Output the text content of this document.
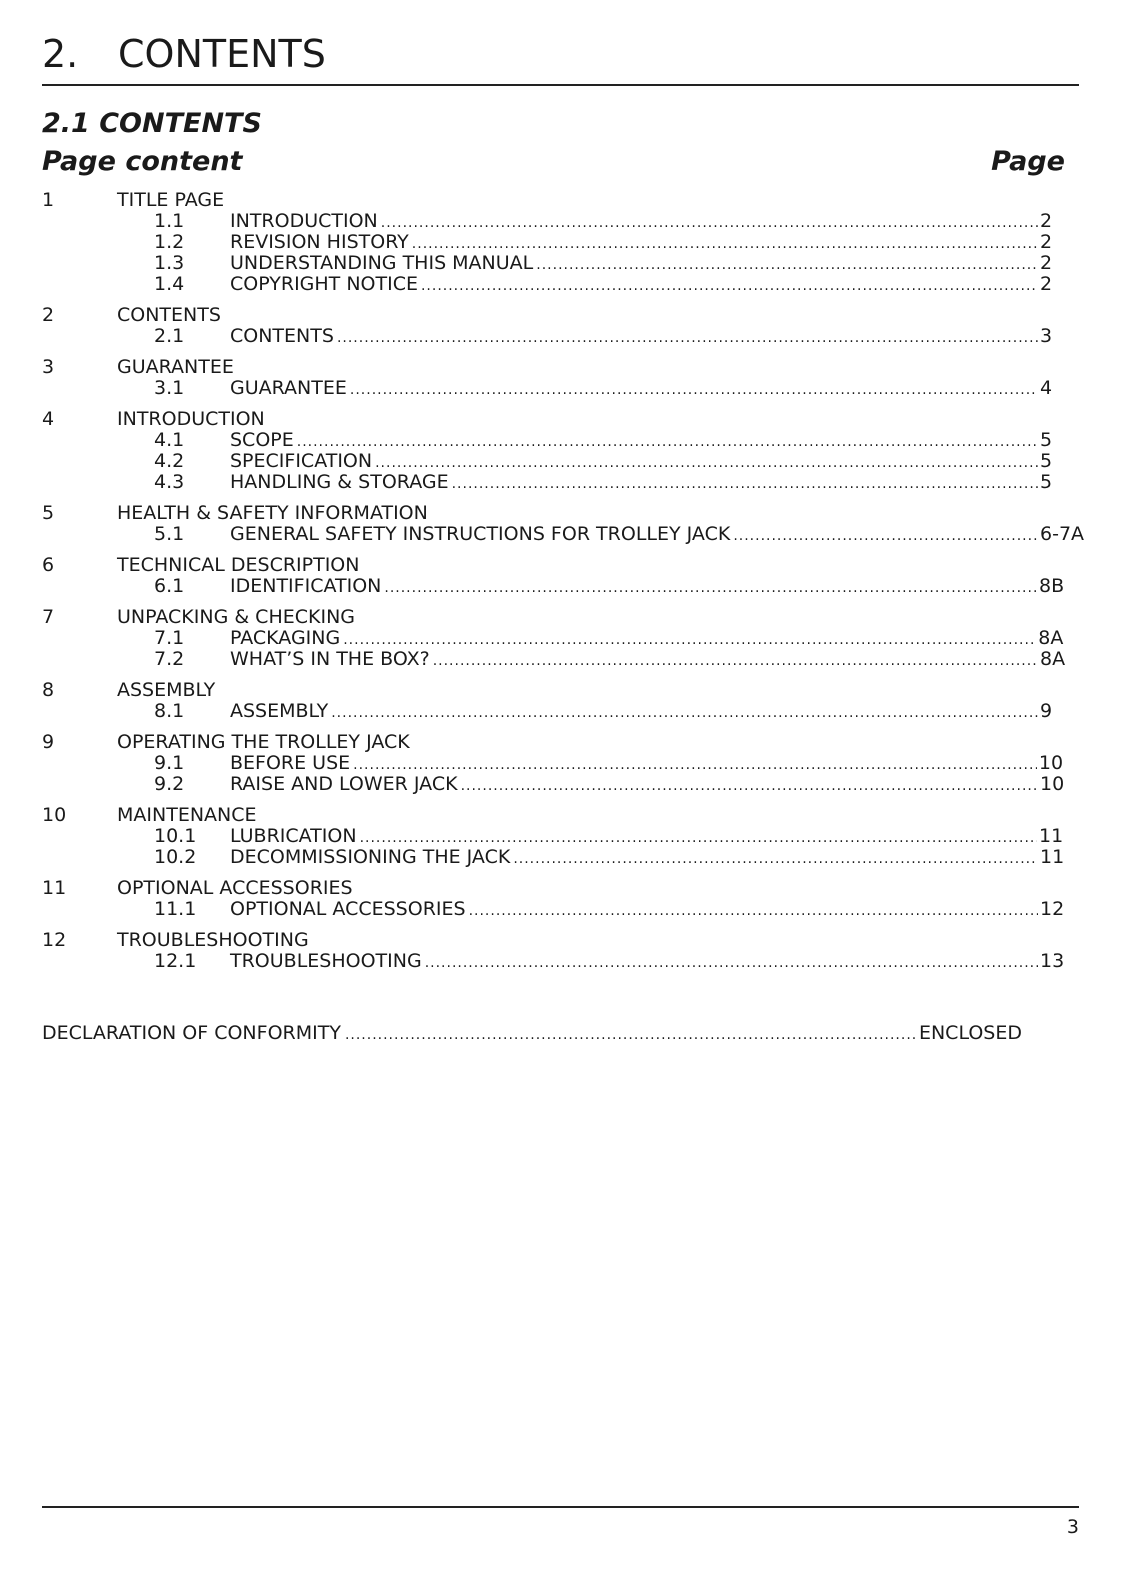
2. CONTENTS
2.1 CONTENTS
Page content	Page
1	TITLE PAGE
1.1	INTRODUCTION .....	2
1.2	REVISION HISTORY .....	2
1.3	UNDERSTANDING THIS MANUAL .....	2
1.4	COPYRIGHT NOTICE .....	2
2	CONTENTS
2.1	CONTENTS .....	3
3	GUARANTEE
3.1	GUARANTEE .....	4
4	INTRODUCTION
4.1	SCOPE .....	5
4.2	SPECIFICATION .....	5
4.3	HANDLING & STORAGE .....	5
5	HEALTH & SAFETY INFORMATION
5.1	GENERAL SAFETY INSTRUCTIONS FOR TROLLEY JACK .....	6-7A
6	TECHNICAL DESCRIPTION
6.1	IDENTIFICATION .....	8B
7	UNPACKING & CHECKING
7.1	PACKAGING .....	8A
7.2	WHAT’S IN THE BOX? .....	8A
8	ASSEMBLY
8.1	ASSEMBLY .....	9
9	OPERATING THE TROLLEY JACK
9.1	BEFORE USE .....	10
9.2	RAISE AND LOWER JACK .....	10
10	MAINTENANCE
10.1	LUBRICATION .....	11
10.2	DECOMMISSIONING THE JACK .....	11
11	OPTIONAL ACCESSORIES
11.1	OPTIONAL ACCESSORIES .....	12
12	TROUBLESHOOTING
12.1	TROUBLESHOOTING .....	13
DECLARATION OF CONFORMITY .....	ENCLOSED
3
